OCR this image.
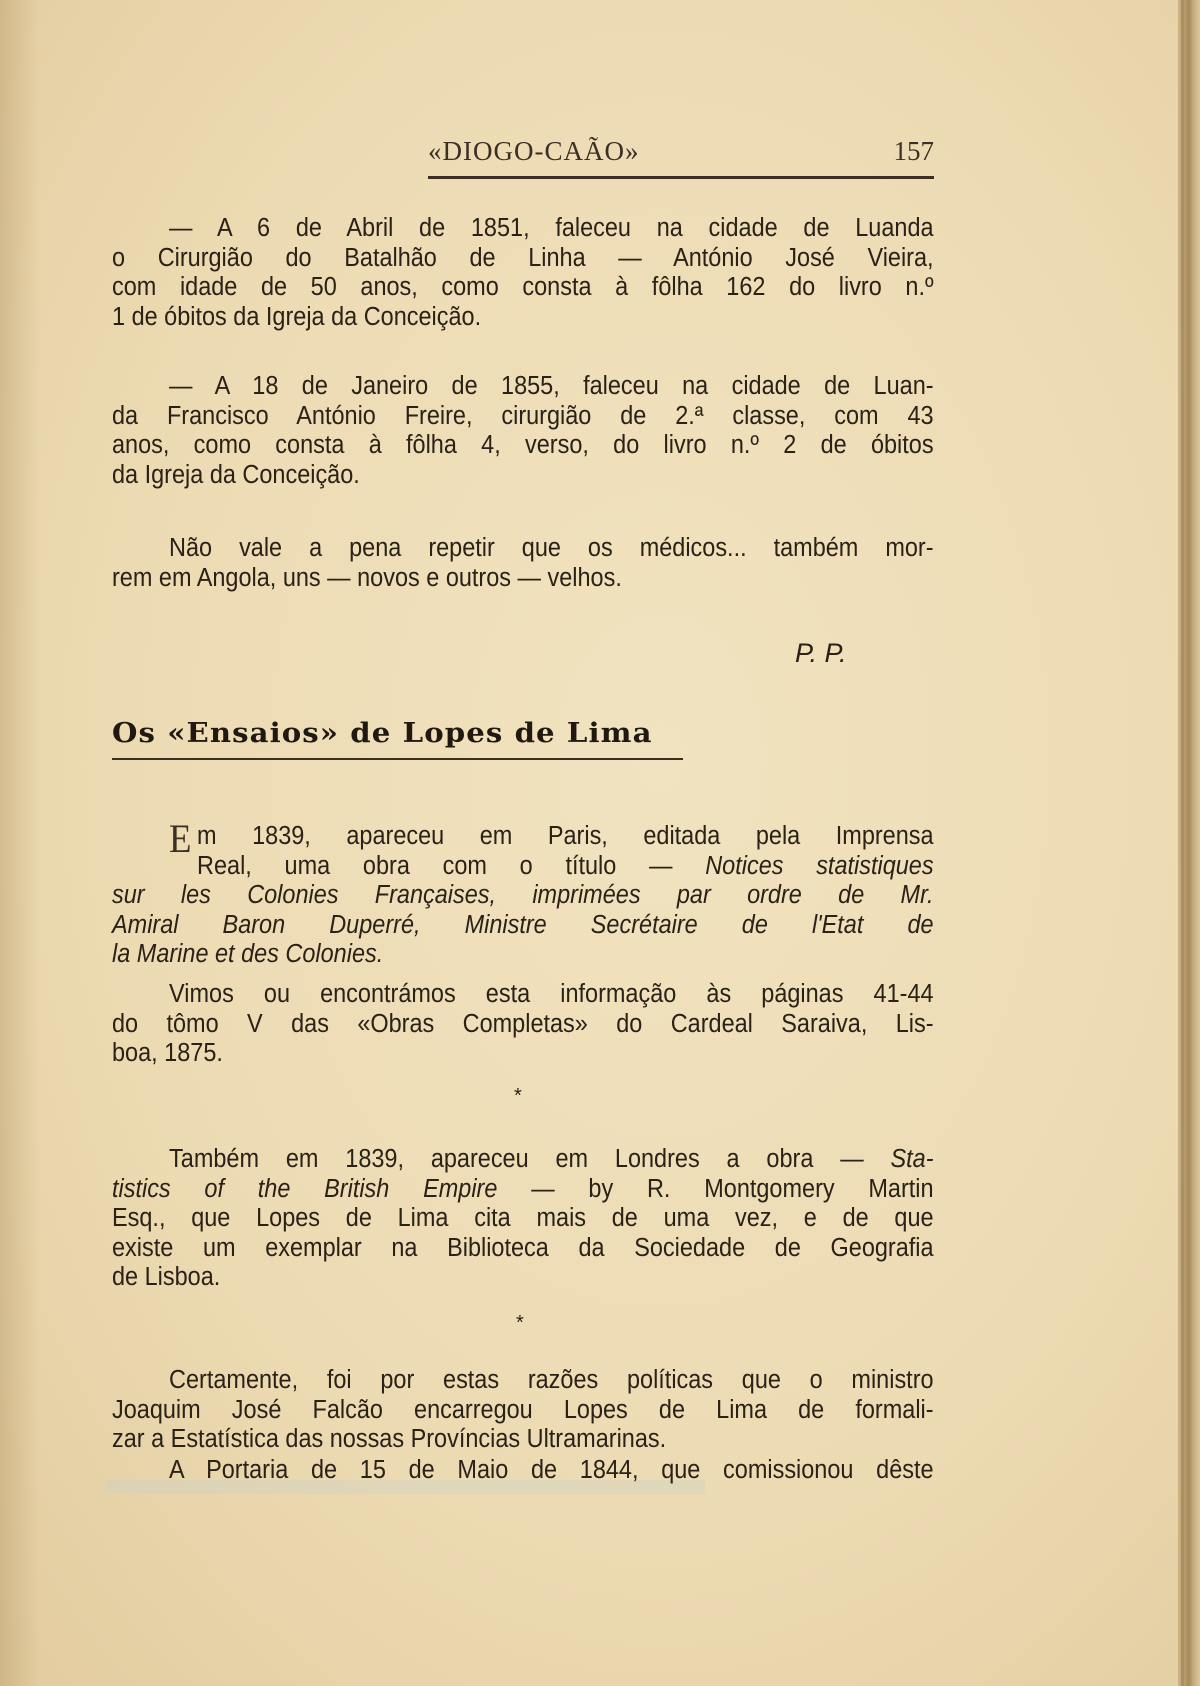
«DIOGO-CAÃO»	157

— A 6 de Abril de 1851, faleceu na cidade de Luanda
o Cirurgião do Batalhão de Linha — António José Vieira,
com idade de 50 anos, como consta à fôlha 162 do livro n.º
1 de óbitos da Igreja da Conceição.

— A 18 de Janeiro de 1855, faleceu na cidade de Luan-
da Francisco António Freire, cirurgião de 2.ª classe, com 43
anos, como consta à fôlha 4, verso, do livro n.º 2 de óbitos
da Igreja da Conceição.

Não vale a pena repetir que os médicos... também mor-
rem em Angola, uns — novos e outros — velhos.

P. P.
Os «Ensaios» de Lopes de Lima

Em 1839, apareceu em Paris, editada pela Imprensa
Real, uma obra com o título — Notices statistiques
sur les Colonies Françaises, imprimées par ordre de Mr.
Amiral Baron Duperré, Ministre Secrétaire de l'Etat de
la Marine et des Colonies.

Vimos ou encontrámos esta informação às páginas 41-44
do tômo V das «Obras Completas» do Cardeal Saraiva, Lis-
boa, 1875.

*

Também em 1839, apareceu em Londres a obra — Sta-
tistics of the British Empire — by R. Montgomery Martin
Esq., que Lopes de Lima cita mais de uma vez, e de que
existe um exemplar na Biblioteca da Sociedade de Geografia
de Lisboa.

*

Certamente, foi por estas razões políticas que o ministro
Joaquim José Falcão encarregou Lopes de Lima de formali-
zar a Estatística das nossas Províncias Ultramarinas.

A Portaria de 15 de Maio de 1844, que comissionou dêste
